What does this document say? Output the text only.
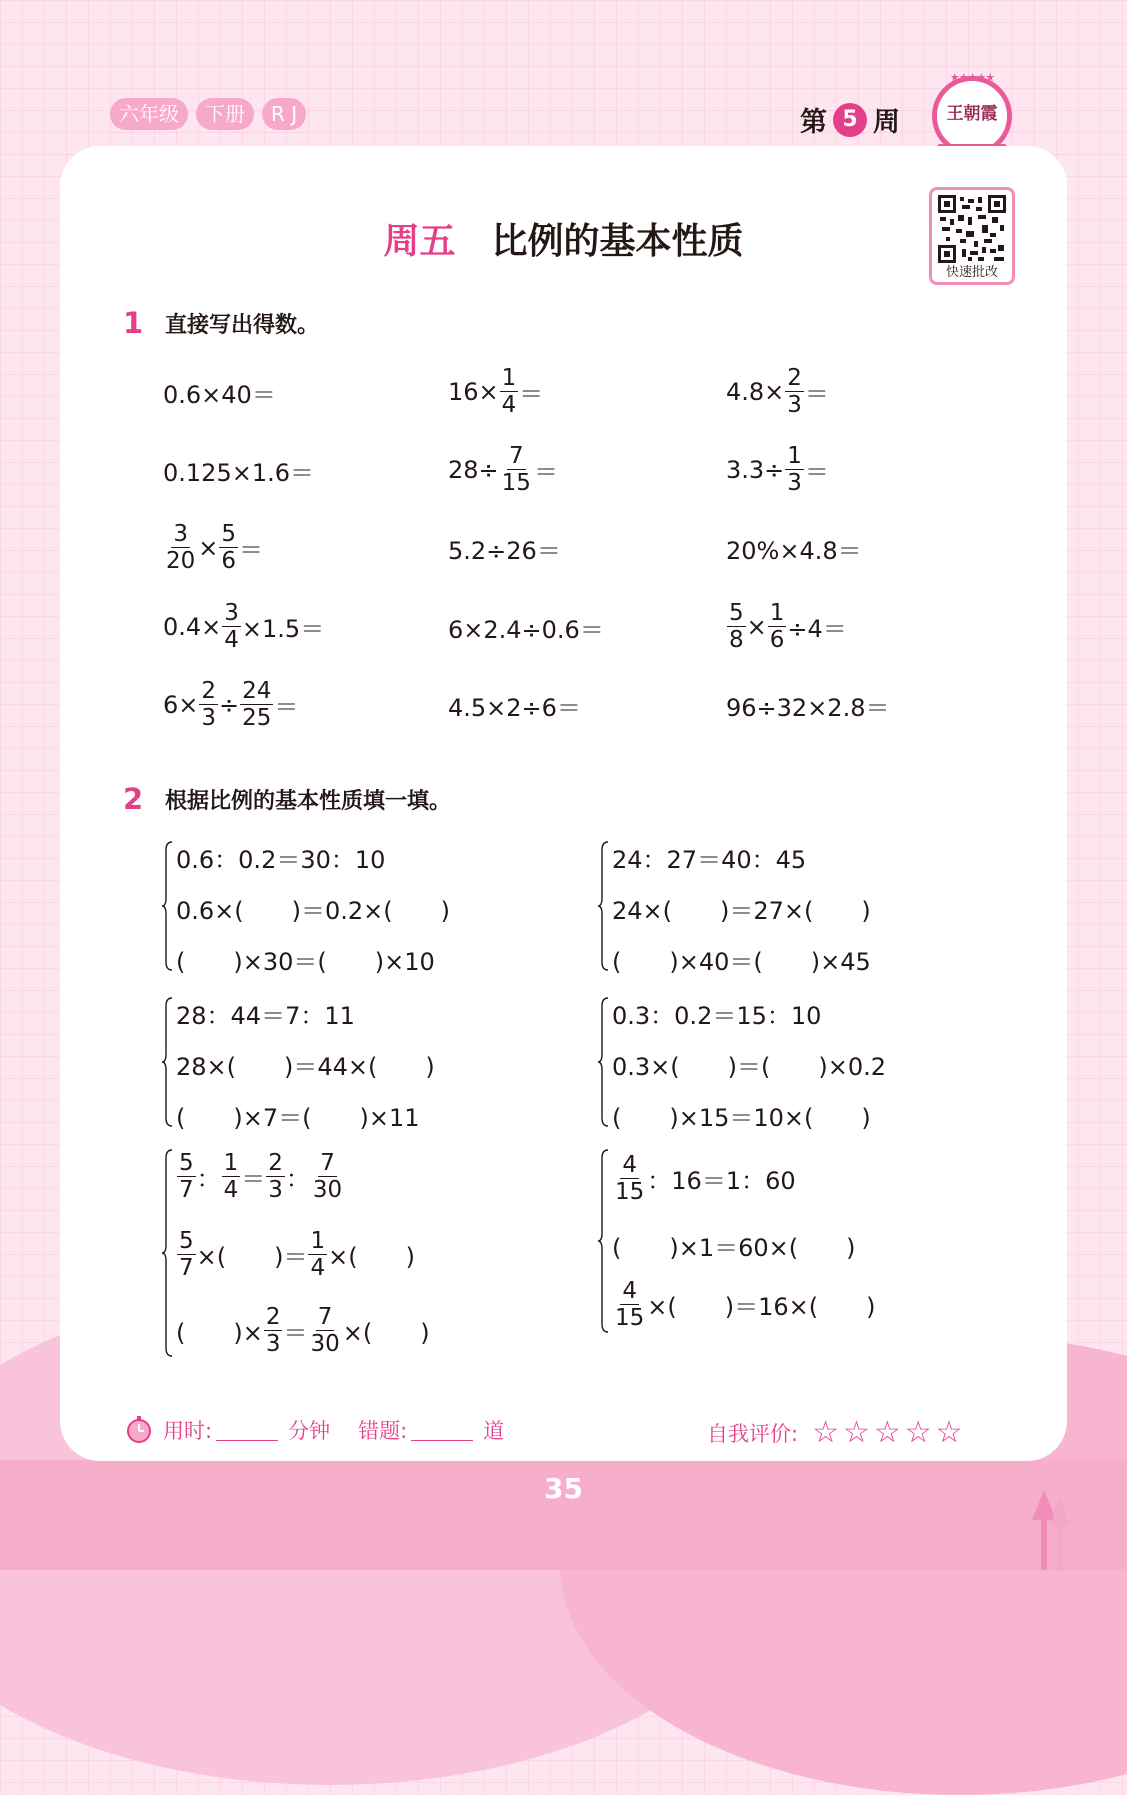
六年级	下册	R J	第 5 周
★★★★★
王朝霞
快速批改
周五 比例的基本性质
1 直接写出得数。
0.6×40＝	$16\times \frac{1}{4}$ ＝	$4.8\times \frac{2}{3}$ ＝
0.125×1.6＝	$28\div \frac{7}{15}$ ＝	$3.3\div \frac{1}{3}$ ＝
$\frac{3}{20} \times \frac{5}{6}$ ＝	5.2÷26＝	20%×4.8＝
$0.4\times \frac{3}{4} \times 1.5=$	6×2.4÷0.6＝	$\frac{5}{8} \times \frac{1}{6} \div 4=$
$6\times \frac{2}{3} \div \frac{24}{25}$ ＝	4.5×2÷6＝	96÷32×2.8＝
2 根据比例的基本性质填一填。
0.6：0.2＝30：10
0.6×(　　)＝0.2×(　　)
(　　)×30＝(　　)×10
24：27＝40：45
24×(　　)＝27×(　　)
(　　)×40＝(　　)×45
28：44＝7：11
28×(　　)＝44×(　　)
(　　)×7＝(　　)×11
0.3：0.2＝15：10
0.3×(　　)＝(　　)×0.2
(　　)×15＝10×(　　)
$\frac{5}{7}$ ： $\frac{1}{4} = \frac{2}{3}$ ： $\frac{7}{30}$
$\frac{5}{7}$ ×(　　)＝ $\frac{1}{4}$ ×(　　)
(　　)× $\frac{2}{3} = \frac{7}{30}$ ×(　　)
$\frac{4}{15}$ ：16＝1：60
(　　)×1＝60×(　　)
$\frac{4}{15}$ ×(　　)＝16×(　　)
用时:	分钟 错题:	道	自我评价: ☆☆☆☆☆
35
